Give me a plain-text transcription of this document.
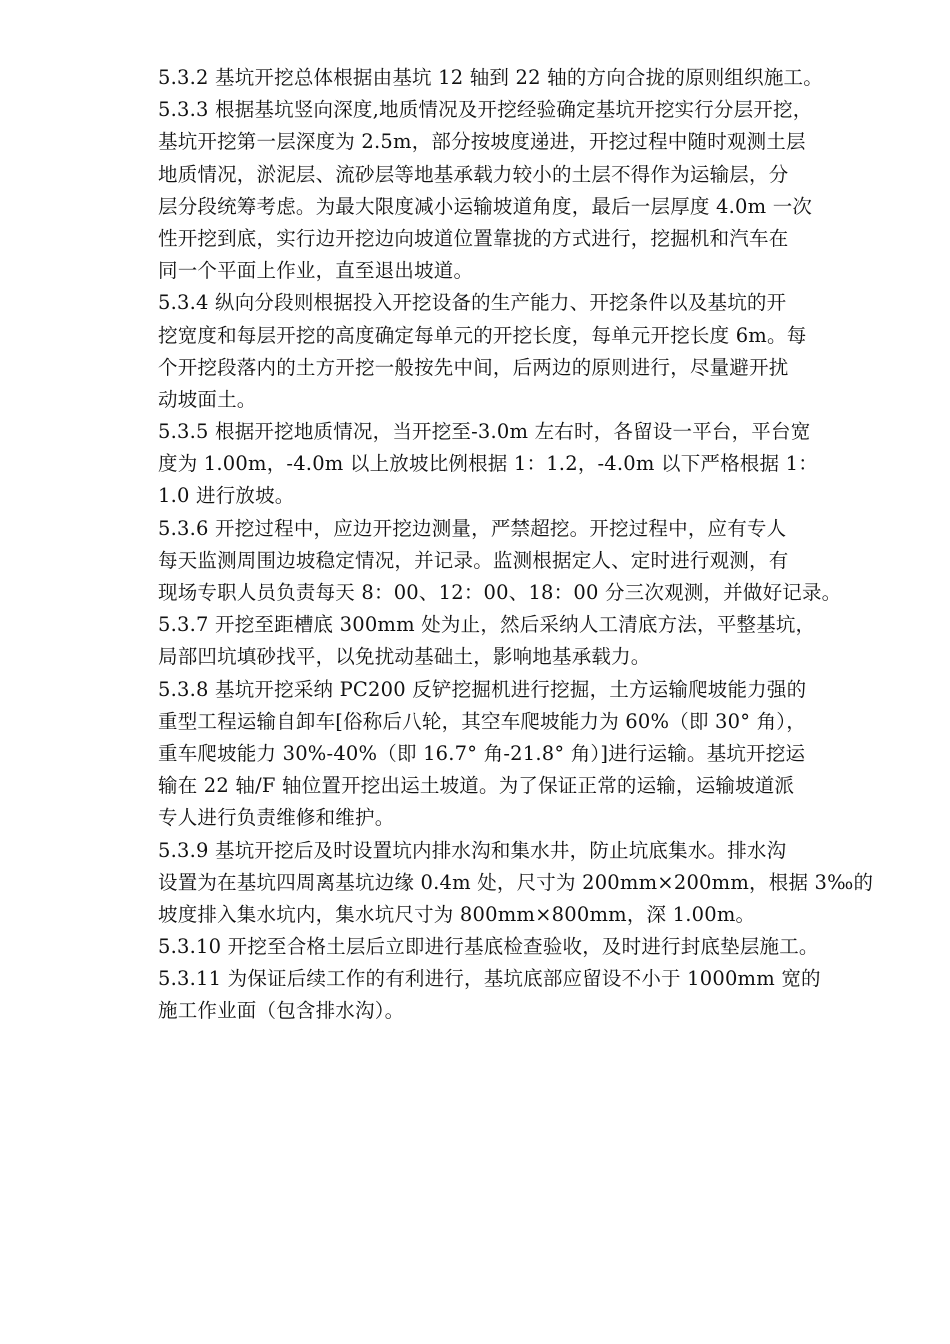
5.3.2 基坑开挖总体根据由基坑 12 轴到 22 轴的方向合拢的原则组织施工。
5.3.3 根据基坑竖向深度,地质情况及开挖经验确定基坑开挖实行分层开挖，
基坑开挖第一层深度为 2.5m，部分按坡度递进，开挖过程中随时观测土层
地质情况，淤泥层、流砂层等地基承载力较小的土层不得作为运输层，分
层分段统筹考虑。为最大限度减小运输坡道角度，最后一层厚度 4.0m 一次
性开挖到底，实行边开挖边向坡道位置靠拢的方式进行，挖掘机和汽车在
同一个平面上作业，直至退出坡道。
5.3.4 纵向分段则根据投入开挖设备的生产能力、开挖条件以及基坑的开
挖宽度和每层开挖的高度确定每单元的开挖长度，每单元开挖长度 6m。每
个开挖段落内的土方开挖一般按先中间，后两边的原则进行，尽量避开扰
动坡面土。
5.3.5 根据开挖地质情况，当开挖至-3.0m 左右时，各留设一平台，平台宽
度为 1.00m，-4.0m 以上放坡比例根据 1：1.2，-4.0m 以下严格根据 1：
1.0 进行放坡。
5.3.6 开挖过程中，应边开挖边测量，严禁超挖。开挖过程中，应有专人
每天监测周围边坡稳定情况，并记录。监测根据定人、定时进行观测，有
现场专职人员负责每天 8：00、12：00、18：00 分三次观测，并做好记录。
5.3.7 开挖至距槽底 300mm 处为止，然后采纳人工清底方法，平整基坑，
局部凹坑填砂找平，以免扰动基础土，影响地基承载力。
5.3.8 基坑开挖采纳 PC200 反铲挖掘机进行挖掘，土方运输爬坡能力强的
重型工程运输自卸车[俗称后八轮，其空车爬坡能力为 60%（即 30° 角），
重车爬坡能力 30%-40%（即 16.7° 角-21.8° 角）]进行运输。基坑开挖运
输在 22 轴/F 轴位置开挖出运土坡道。为了保证正常的运输，运输坡道派
专人进行负责维修和维护。
5.3.9 基坑开挖后及时设置坑内排水沟和集水井，防止坑底集水。排水沟
设置为在基坑四周离基坑边缘 0.4m 处，尺寸为 200mm×200mm，根据 3‰的
坡度排入集水坑内，集水坑尺寸为 800mm×800mm，深 1.00m。
5.3.10 开挖至合格土层后立即进行基底检查验收，及时进行封底垫层施工。
5.3.11 为保证后续工作的有利进行，基坑底部应留设不小于 1000mm 宽的
施工作业面（包含排水沟）。
